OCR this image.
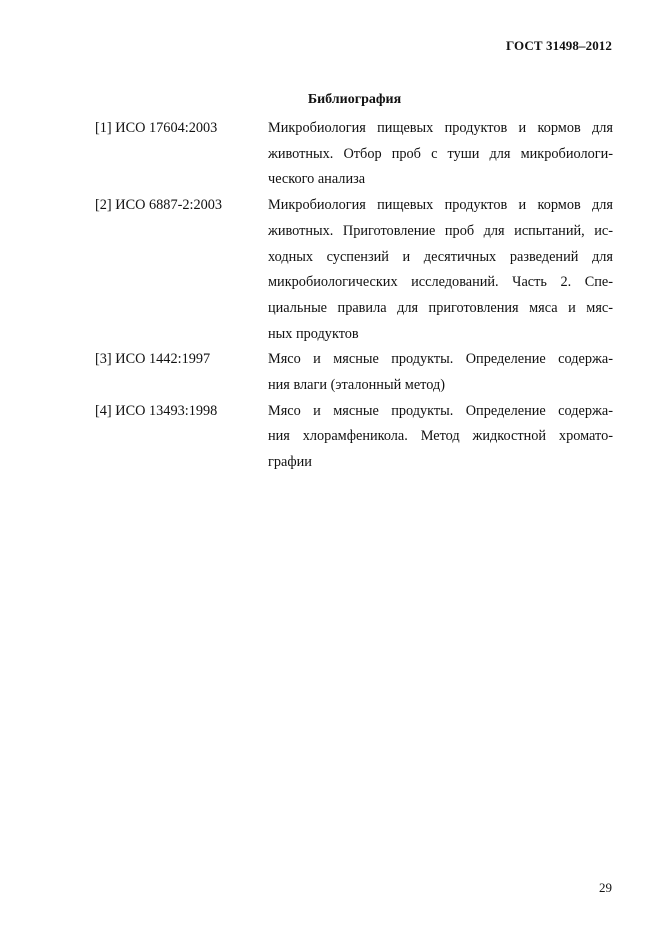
ГОСТ 31498–2012
Библиография
[1] ИСО 17604:2003	Микробиология пищевых продуктов и кормов для
животных. Отбор проб с туши для микробиологи-
ческого анализа
[2] ИСО 6887-2:2003	Микробиология пищевых продуктов и кормов для
животных. Приготовление проб для испытаний, ис-
ходных суспензий и десятичных разведений для
микробиологических исследований. Часть 2. Спе-
циальные правила для приготовления мяса и мяс-
ных продуктов
[3] ИСО 1442:1997	Мясо и мясные продукты. Определение содержа-
ния влаги (эталонный метод)
[4] ИСО 13493:1998	Мясо и мясные продукты. Определение содержа-
ния хлорамфеникола. Метод жидкостной хромато-
графии
29
